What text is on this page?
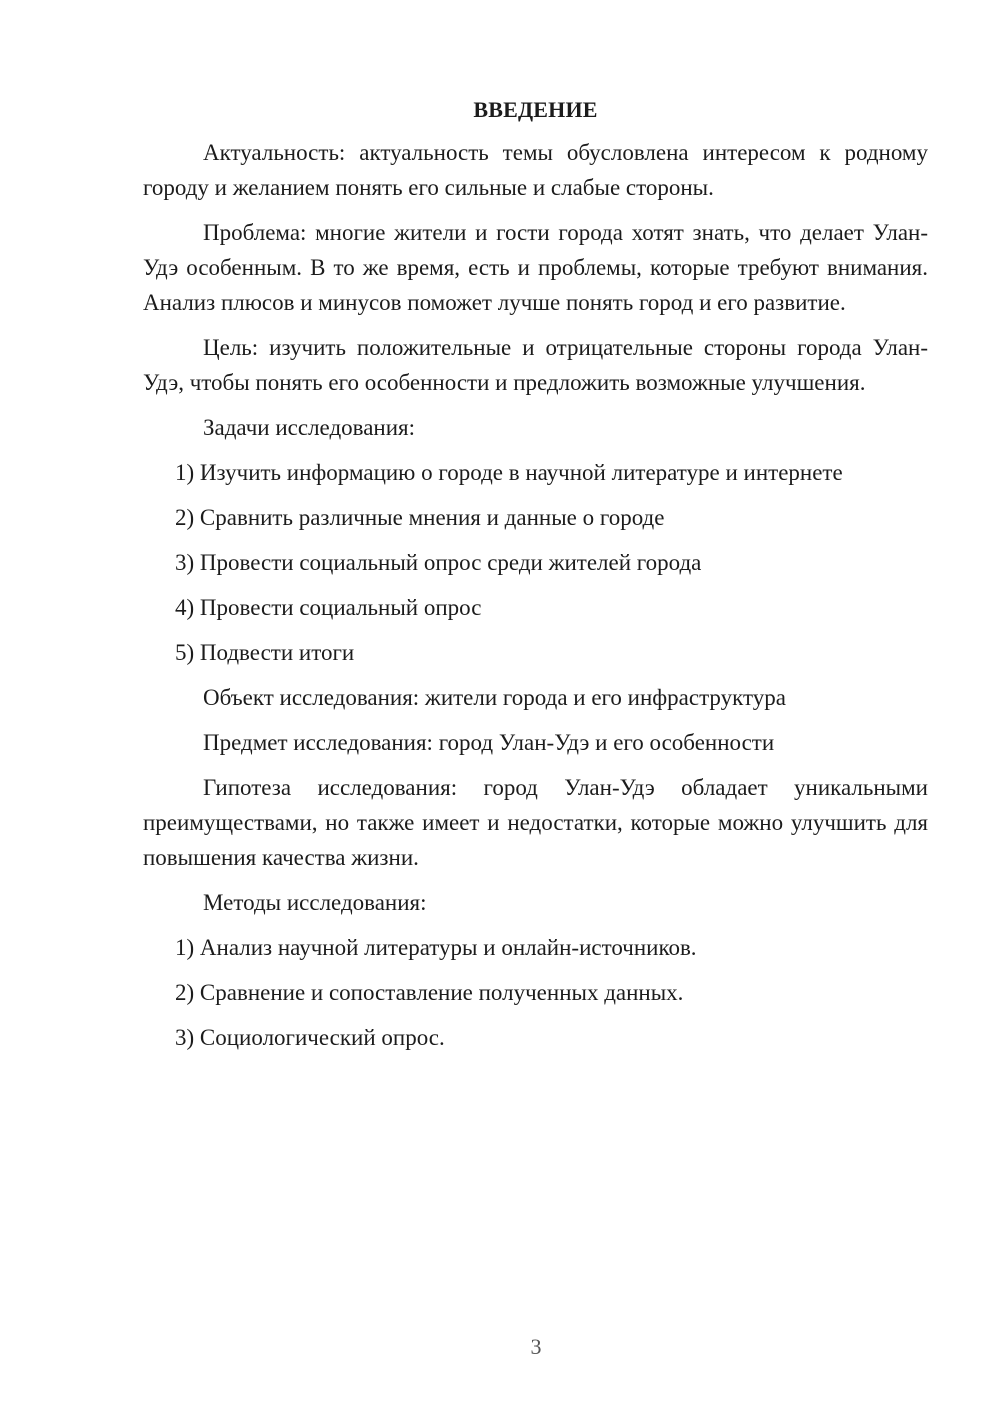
ВВЕДЕНИЕ

Актуальность: актуальность темы обусловлена интересом к родному городу и желанием понять его сильные и слабые стороны.

Проблема: многие жители и гости города хотят знать, что делает Улан-Удэ особенным. В то же время, есть и проблемы, которые требуют внимания. Анализ плюсов и минусов поможет лучше понять город и его развитие.

Цель: изучить положительные и отрицательные стороны города Улан-Удэ, чтобы понять его особенности и предложить возможные улучшения.

Задачи исследования:

1) Изучить информацию о городе в научной литературе и интернете

2) Сравнить различные мнения и данные о городе

3) Провести социальный опрос среди жителей города

4) Провести социальный опрос

5) Подвести итоги

Объект исследования: жители города и его инфраструктура

Предмет исследования: город Улан-Удэ и его особенности

Гипотеза исследования: город Улан-Удэ обладает уникальными преимуществами, но также имеет и недостатки, которые можно улучшить для повышения качества жизни.

Методы исследования:

1) Анализ научной литературы и онлайн-источников.

2) Сравнение и сопоставление полученных данных.

3) Социологический опрос.

3
